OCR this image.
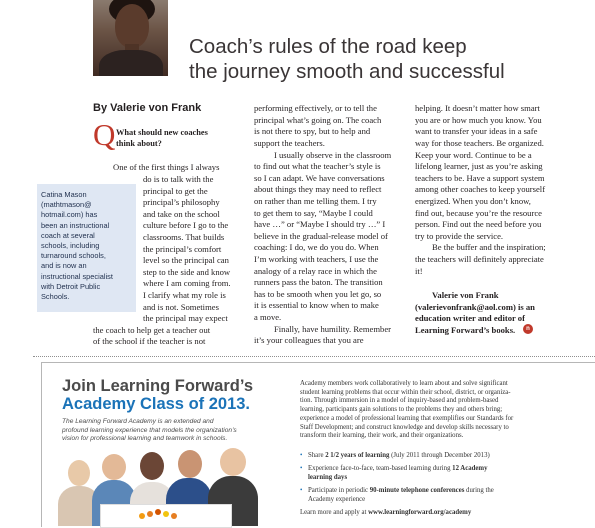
Coach’s rules of the road keep
the journey smooth and successful
By Valerie von Frank
Q What should new coaches
think about?
One of the first things I always
do is to talk with the
principal to get the
principal’s philosophy
and take on the school
culture before I go to the
classrooms. That builds
the principal’s comfort
level so the principal can
step to the side and know
where I am coming from.
I clarify what my role is
and is not. Sometimes
the principal may expect
the coach to help get a teacher out
of the school if the teacher is not
Catina Mason
(mathtmason@
hotmail.com) has
been an instructional
coach at several
schools, including
turnaround schools,
and is now an
instructional specialist
with Detroit Public
Schools.
performing effectively, or to tell the
principal what’s going on. The coach
is not there to spy, but to help and
support the teachers.
I usually observe in the classroom
to find out what the teacher’s style is
so I can adapt. We have conversations
about things they may need to reflect
on rather than me telling them. I try
to get them to say, “Maybe I could
have …” or “Maybe I should try …” I
believe in the gradual-release model of
coaching: I do, we do you do. When
I’m working with teachers, I use the
analogy of a relay race in which the
runners pass the baton. The transition
has to be smooth when you let go, so
it is essential to know when to make
a move.
Finally, have humility. Remember
it’s your colleagues that you are
helping. It doesn’t matter how smart
you are or how much you know. You
want to transfer your ideas in a safe
way for those teachers. Be organized.
Keep your word. Continue to be a
lifelong learner, just as you’re asking
teachers to be. Have a support system
among other coaches to keep yourself
energized. When you don’t know,
find out, because you’re the resource
person. Find out the need before you
try to provide the service.
Be the buffer and the inspiration;
the teachers will definitely appreciate
it!
Valerie von Frank
(valerievonfrank@aol.com) is an
education writer and editor of
Learning Forward’s books.	n
Join Learning Forward’s
Academy Class of 2013.
The Learning Forward Academy is an extended and
profound learning experience that models the organization’s
vision for professional learning and teamwork in schools.
Academy members work collaboratively to learn about and solve significant
student learning problems that occur within their school, district, or organiza-
tion. Through immersion in a model of inquiry-based and problem-based
learning, participants gain solutions to the problems they and others bring;
experience a model of professional learning that exemplifies our Standards for
Staff Development; and construct knowledge and develop skills necessary to
transform their learning, their work, and their organizations.
• Share 2 1/2 years of learning (July 2011 through December 2013)
• Experience face-to-face, team-based learning during 12 Academy
learning days
• Participate in periodic 90-minute telephone conferences during the
Academy experience
Learn more and apply at www.learningforward.org/academy
